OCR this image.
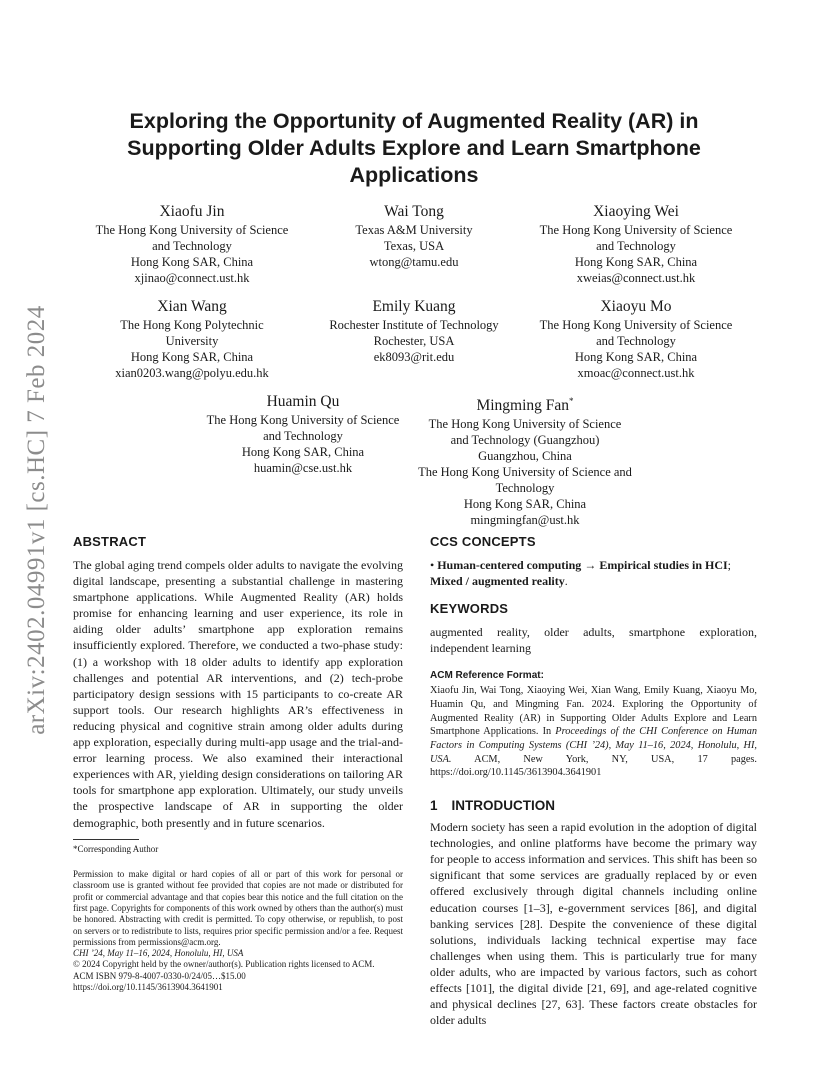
arXiv:2402.04991v1 [cs.HC] 7 Feb 2024
Exploring the Opportunity of Augmented Reality (AR) in Supporting Older Adults Explore and Learn Smartphone Applications
Xiaofu Jin
The Hong Kong University of Science and Technology
Hong Kong SAR, China
xjinao@connect.ust.hk
Wai Tong
Texas A&M University
Texas, USA
wtong@tamu.edu
Xiaoying Wei
The Hong Kong University of Science and Technology
Hong Kong SAR, China
xweias@connect.ust.hk
Xian Wang
The Hong Kong Polytechnic University
Hong Kong SAR, China
xian0203.wang@polyu.edu.hk
Emily Kuang
Rochester Institute of Technology
Rochester, USA
ek8093@rit.edu
Xiaoyu Mo
The Hong Kong University of Science and Technology
Hong Kong SAR, China
xmoac@connect.ust.hk
Huamin Qu
The Hong Kong University of Science and Technology
Hong Kong SAR, China
huamin@cse.ust.hk
Mingming Fan*
The Hong Kong University of Science and Technology (Guangzhou)
Guangzhou, China
The Hong Kong University of Science and Technology
Hong Kong SAR, China
mingmingfan@ust.hk
ABSTRACT

The global aging trend compels older adults to navigate the evolving digital landscape, presenting a substantial challenge in mastering smartphone applications. While Augmented Reality (AR) holds promise for enhancing learning and user experience, its role in aiding older adults’ smartphone app exploration remains insufficiently explored. Therefore, we conducted a two-phase study: (1) a workshop with 18 older adults to identify app exploration challenges and potential AR interventions, and (2) tech-probe participatory design sessions with 15 participants to co-create AR support tools. Our research highlights AR’s effectiveness in reducing physical and cognitive strain among older adults during app exploration, especially during multi-app usage and the trial-and-error learning process. We also examined their interactional experiences with AR, yielding design considerations on tailoring AR tools for smartphone app exploration. Ultimately, our study unveils the prospective landscape of AR in supporting the older demographic, both presently and in future scenarios.

*Corresponding Author

Permission to make digital or hard copies of all or part of this work for personal or classroom use is granted without fee provided that copies are not made or distributed for profit or commercial advantage and that copies bear this notice and the full citation on the first page. Copyrights for components of this work owned by others than the author(s) must be honored. Abstracting with credit is permitted. To copy otherwise, or republish, to post on servers or to redistribute to lists, requires prior specific permission and/or a fee. Request permissions from permissions@acm.org.

CHI ’24, May 11–16, 2024, Honolulu, HI, USA

© 2024 Copyright held by the owner/author(s). Publication rights licensed to ACM.

ACM ISBN 979-8-4007-0330-0/24/05…$15.00

https://doi.org/10.1145/3613904.3641901

CCS CONCEPTS

• Human-centered computing → Empirical studies in HCI; Mixed / augmented reality.

KEYWORDS

augmented reality, older adults, smartphone exploration, independent learning

ACM Reference Format:

Xiaofu Jin, Wai Tong, Xiaoying Wei, Xian Wang, Emily Kuang, Xiaoyu Mo, Huamin Qu, and Mingming Fan. 2024. Exploring the Opportunity of Augmented Reality (AR) in Supporting Older Adults Explore and Learn Smartphone Applications. In Proceedings of the CHI Conference on Human Factors in Computing Systems (CHI ’24), May 11–16, 2024, Honolulu, HI, USA. ACM, New York, NY, USA, 17 pages. https://doi.org/10.1145/3613904.3641901

1 INTRODUCTION

Modern society has seen a rapid evolution in the adoption of digital technologies, and online platforms have become the primary way for people to access information and services. This shift has been so significant that some services are gradually replaced by or even offered exclusively through digital channels including online education courses [1–3], e-government services [86], and digital banking services [28]. Despite the convenience of these digital solutions, individuals lacking technical expertise may face challenges when using them. This is particularly true for many older adults, who are impacted by various factors, such as cohort effects [101], the digital divide [21, 69], and age-related cognitive and physical declines [27, 63]. These factors create obstacles for older adults
